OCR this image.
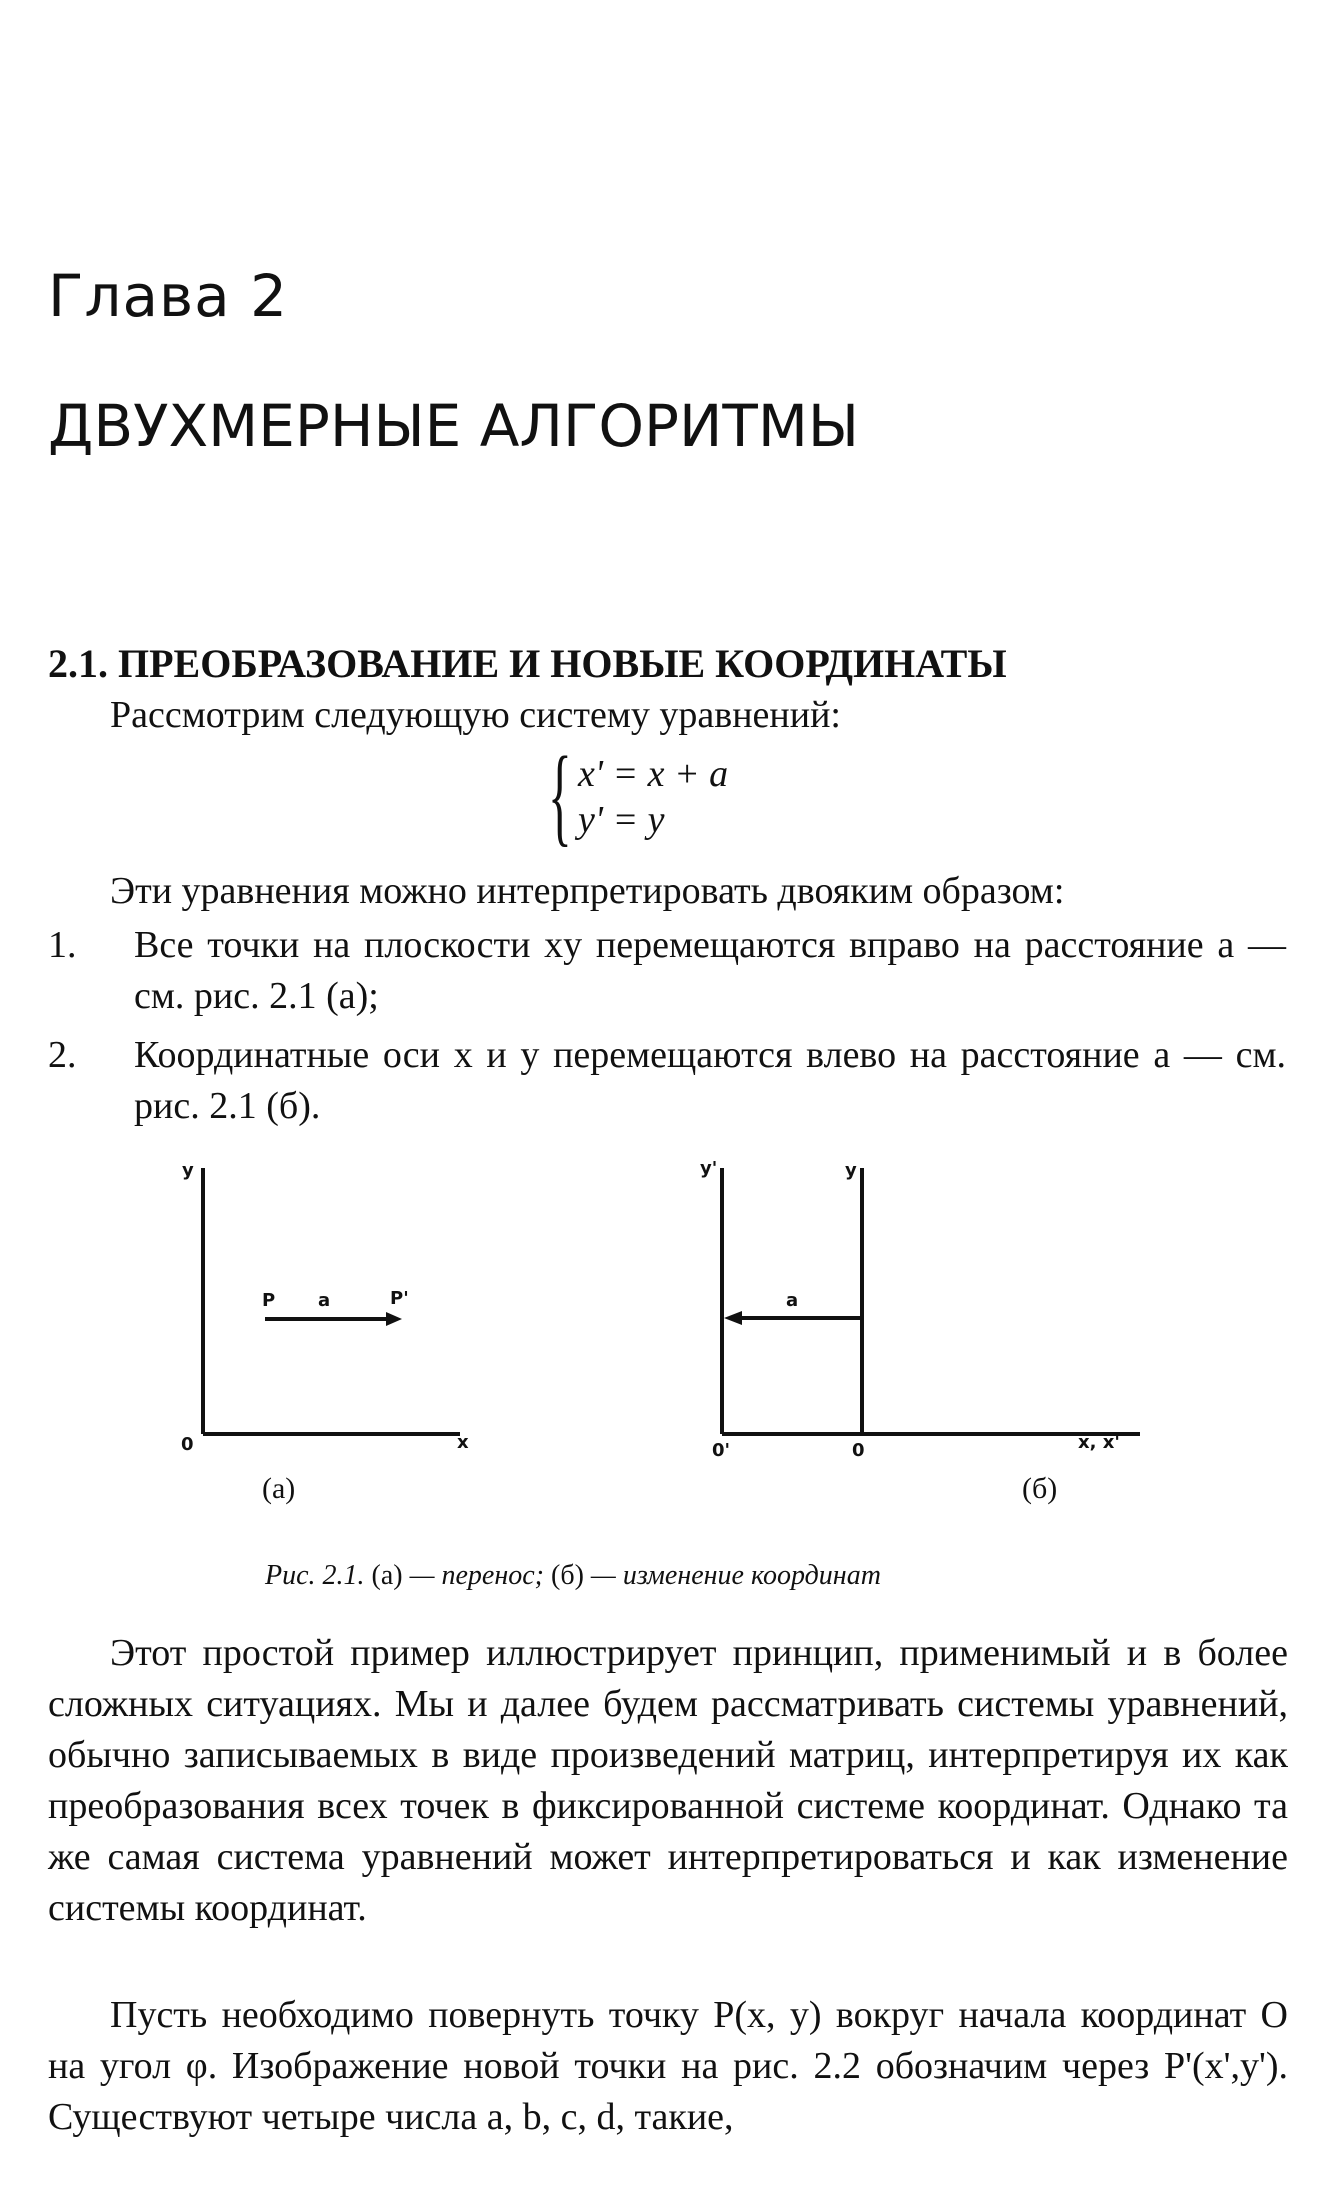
Глава 2
ДВУХМЕРНЫЕ АЛГОРИТМЫ
2.1. ПРЕОБРАЗОВАНИЕ И НОВЫЕ КООРДИНАТЫ
Рассмотрим следующую систему уравнений:
{ x' = x + a
y' = y
Эти уравнения можно интерпретировать двояким образом:
1. Все точки на плоскости xy перемещаются вправо на расстояние a — см. рис. 2.1 (а);
2. Координатные оси x и y перемещаются влево на расстояние a — см. рис. 2.1 (б).
y
0	x
P a	P'
(а)
y'	y
a
0'	0	x, x'
(б)
Рис. 2.1. (а) — перенос; (б) — изменение координат
Этот простой пример иллюстрирует принцип, применимый и в более сложных ситуациях. Мы и далее будем рассматривать системы уравнений, обычно записываемых в виде произведений матриц, интерпретируя их как преобразования всех точек в фиксированной системе координат. Однако та же самая система уравнений может интерпретироваться и как изменение системы координат.
Пусть необходимо повернуть точку P(x, y) вокруг начала координат O на угол φ. Изображение новой точки на рис. 2.2 обозначим через P'(x',y'). Существуют четыре числа a, b, c, d, такие,
